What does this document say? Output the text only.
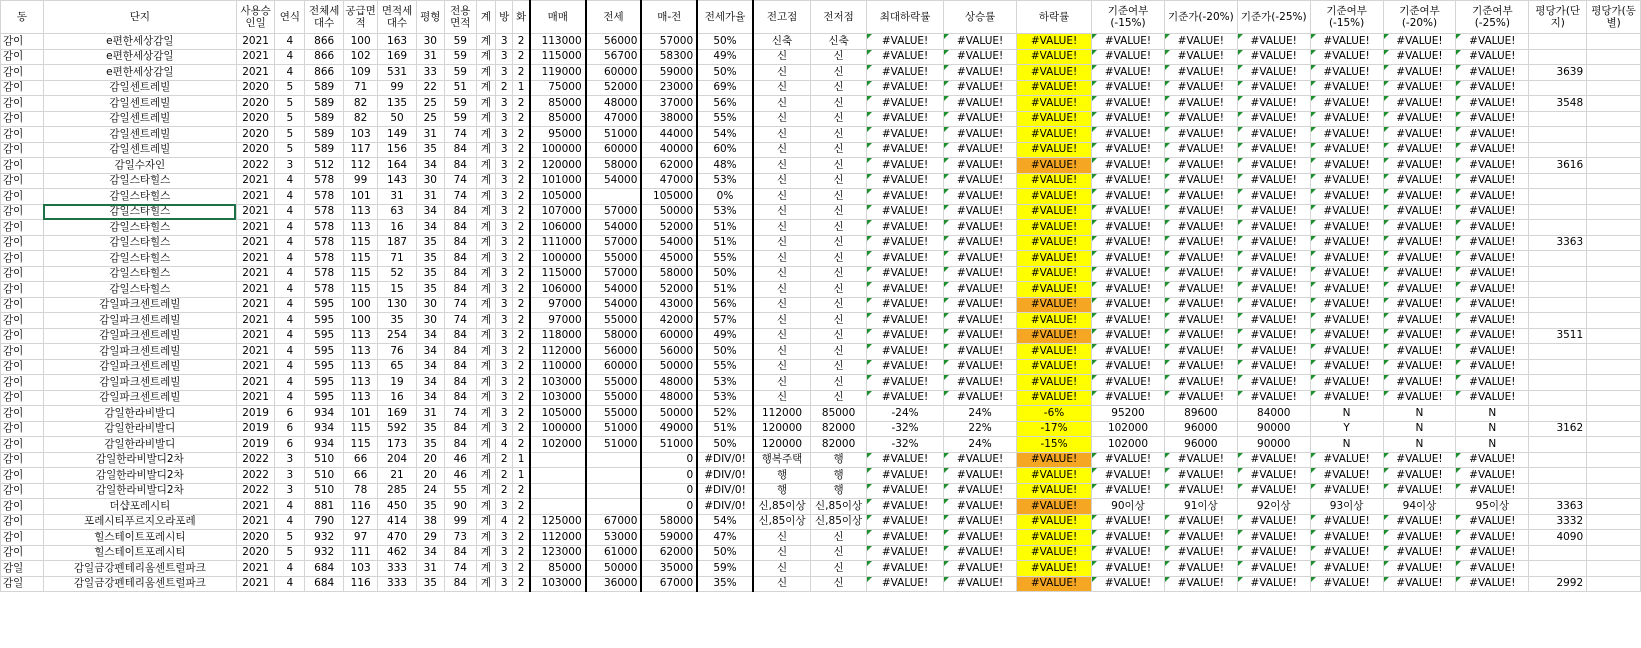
동	단지	사용승인일	연식	전체세대수	공급면적	면적세대수	평형	전용면적	계	방	화	매매	전세	매-전	전세가율	전고점	전저점	최대하락률	상승률	하락률	기준여부(-15%)	기준가(-20%)	기준가(-25%)	기준여부(-15%)	기준여부(-20%)	기준여부(-25%)	평당가(단지)	평당가(동별)
감이	e편한세상감일	2021	4	866	100	163	30	59	계	3	2	113000	56000	57000	50%	신축	신축	#VALUE!	#VALUE!	#VALUE!	#VALUE!	#VALUE!	#VALUE!	#VALUE!	#VALUE!	#VALUE!		
감이	e편한세상감일	2021	4	866	102	169	31	59	계	3	2	115000	56700	58300	49%	신	신	#VALUE!	#VALUE!	#VALUE!	#VALUE!	#VALUE!	#VALUE!	#VALUE!	#VALUE!	#VALUE!		
감이	e편한세상감일	2021	4	866	109	531	33	59	계	3	2	119000	60000	59000	50%	신	신	#VALUE!	#VALUE!	#VALUE!	#VALUE!	#VALUE!	#VALUE!	#VALUE!	#VALUE!	#VALUE!	3639	
감이	감일센트레빌	2020	5	589	71	99	22	51	계	2	1	75000	52000	23000	69%	신	신	#VALUE!	#VALUE!	#VALUE!	#VALUE!	#VALUE!	#VALUE!	#VALUE!	#VALUE!	#VALUE!		
감이	감일센트레빌	2020	5	589	82	135	25	59	계	3	2	85000	48000	37000	56%	신	신	#VALUE!	#VALUE!	#VALUE!	#VALUE!	#VALUE!	#VALUE!	#VALUE!	#VALUE!	#VALUE!	3548	
감이	감일센트레빌	2020	5	589	82	50	25	59	계	3	2	85000	47000	38000	55%	신	신	#VALUE!	#VALUE!	#VALUE!	#VALUE!	#VALUE!	#VALUE!	#VALUE!	#VALUE!	#VALUE!		
감이	감일센트레빌	2020	5	589	103	149	31	74	계	3	2	95000	51000	44000	54%	신	신	#VALUE!	#VALUE!	#VALUE!	#VALUE!	#VALUE!	#VALUE!	#VALUE!	#VALUE!	#VALUE!		
감이	감일센트레빌	2020	5	589	117	156	35	84	계	3	2	100000	60000	40000	60%	신	신	#VALUE!	#VALUE!	#VALUE!	#VALUE!	#VALUE!	#VALUE!	#VALUE!	#VALUE!	#VALUE!		
감이	감일수자인	2022	3	512	112	164	34	84	계	3	2	120000	58000	62000	48%	신	신	#VALUE!	#VALUE!	#VALUE!	#VALUE!	#VALUE!	#VALUE!	#VALUE!	#VALUE!	#VALUE!	3616	
감이	감일스타힐스	2021	4	578	99	143	30	74	계	3	2	101000	54000	47000	53%	신	신	#VALUE!	#VALUE!	#VALUE!	#VALUE!	#VALUE!	#VALUE!	#VALUE!	#VALUE!	#VALUE!		
감이	감일스타힐스	2021	4	578	101	31	31	74	계	3	2	105000		105000	0%	신	신	#VALUE!	#VALUE!	#VALUE!	#VALUE!	#VALUE!	#VALUE!	#VALUE!	#VALUE!	#VALUE!		
감이	감일스타힐스	2021	4	578	113	63	34	84	계	3	2	107000	57000	50000	53%	신	신	#VALUE!	#VALUE!	#VALUE!	#VALUE!	#VALUE!	#VALUE!	#VALUE!	#VALUE!	#VALUE!		
감이	감일스타힐스	2021	4	578	113	16	34	84	계	3	2	106000	54000	52000	51%	신	신	#VALUE!	#VALUE!	#VALUE!	#VALUE!	#VALUE!	#VALUE!	#VALUE!	#VALUE!	#VALUE!		
감이	감일스타힐스	2021	4	578	115	187	35	84	계	3	2	111000	57000	54000	51%	신	신	#VALUE!	#VALUE!	#VALUE!	#VALUE!	#VALUE!	#VALUE!	#VALUE!	#VALUE!	#VALUE!	3363	
감이	감일스타힐스	2021	4	578	115	71	35	84	계	3	2	100000	55000	45000	55%	신	신	#VALUE!	#VALUE!	#VALUE!	#VALUE!	#VALUE!	#VALUE!	#VALUE!	#VALUE!	#VALUE!		
감이	감일스타힐스	2021	4	578	115	52	35	84	계	3	2	115000	57000	58000	50%	신	신	#VALUE!	#VALUE!	#VALUE!	#VALUE!	#VALUE!	#VALUE!	#VALUE!	#VALUE!	#VALUE!		
감이	감일스타힐스	2021	4	578	115	15	35	84	계	3	2	106000	54000	52000	51%	신	신	#VALUE!	#VALUE!	#VALUE!	#VALUE!	#VALUE!	#VALUE!	#VALUE!	#VALUE!	#VALUE!		
감이	감일파크센트레빌	2021	4	595	100	130	30	74	계	3	2	97000	54000	43000	56%	신	신	#VALUE!	#VALUE!	#VALUE!	#VALUE!	#VALUE!	#VALUE!	#VALUE!	#VALUE!	#VALUE!		
감이	감일파크센트레빌	2021	4	595	100	35	30	74	계	3	2	97000	55000	42000	57%	신	신	#VALUE!	#VALUE!	#VALUE!	#VALUE!	#VALUE!	#VALUE!	#VALUE!	#VALUE!	#VALUE!		
감이	감일파크센트레빌	2021	4	595	113	254	34	84	계	3	2	118000	58000	60000	49%	신	신	#VALUE!	#VALUE!	#VALUE!	#VALUE!	#VALUE!	#VALUE!	#VALUE!	#VALUE!	#VALUE!	3511	
감이	감일파크센트레빌	2021	4	595	113	76	34	84	계	3	2	112000	56000	56000	50%	신	신	#VALUE!	#VALUE!	#VALUE!	#VALUE!	#VALUE!	#VALUE!	#VALUE!	#VALUE!	#VALUE!		
감이	감일파크센트레빌	2021	4	595	113	65	34	84	계	3	2	110000	60000	50000	55%	신	신	#VALUE!	#VALUE!	#VALUE!	#VALUE!	#VALUE!	#VALUE!	#VALUE!	#VALUE!	#VALUE!		
감이	감일파크센트레빌	2021	4	595	113	19	34	84	계	3	2	103000	55000	48000	53%	신	신	#VALUE!	#VALUE!	#VALUE!	#VALUE!	#VALUE!	#VALUE!	#VALUE!	#VALUE!	#VALUE!		
감이	감일파크센트레빌	2021	4	595	113	16	34	84	계	3	2	103000	55000	48000	53%	신	신	#VALUE!	#VALUE!	#VALUE!	#VALUE!	#VALUE!	#VALUE!	#VALUE!	#VALUE!	#VALUE!		
감이	감일한라비발디	2019	6	934	101	169	31	74	계	3	2	105000	55000	50000	52%	112000	85000	-24%	24%	-6%	95200	89600	84000	N	N	N		
감이	감일한라비발디	2019	6	934	115	592	35	84	계	3	2	100000	51000	49000	51%	120000	82000	-32%	22%	-17%	102000	96000	90000	Y	N	N	3162	
감이	감일한라비발디	2019	6	934	115	173	35	84	계	4	2	102000	51000	51000	50%	120000	82000	-32%	24%	-15%	102000	96000	90000	N	N	N		
감이	감일한라비발디2차	2022	3	510	66	204	20	46	계	2	1			0	#DIV/0!	행복주택	행	#VALUE!	#VALUE!	#VALUE!	#VALUE!	#VALUE!	#VALUE!	#VALUE!	#VALUE!	#VALUE!		
감이	감일한라비발디2차	2022	3	510	66	21	20	46	계	2	1			0	#DIV/0!	행	행	#VALUE!	#VALUE!	#VALUE!	#VALUE!	#VALUE!	#VALUE!	#VALUE!	#VALUE!	#VALUE!		
감이	감일한라비발디2차	2022	3	510	78	285	24	55	계	2	2			0	#DIV/0!	행	행	#VALUE!	#VALUE!	#VALUE!	#VALUE!	#VALUE!	#VALUE!	#VALUE!	#VALUE!	#VALUE!		
감이	더샵포레시티	2021	4	881	116	450	35	90	계	3	2			0	#DIV/0!	신,85이상	신,85이상	#VALUE!	#VALUE!	#VALUE!	90이상	91이상	92이상	93이상	94이상	95이상	3363	
감이	포레시티푸르지오라포레	2021	4	790	127	414	38	99	계	4	2	125000	67000	58000	54%	신,85이상	신,85이상	#VALUE!	#VALUE!	#VALUE!	#VALUE!	#VALUE!	#VALUE!	#VALUE!	#VALUE!	#VALUE!	3332	
감이	힐스테이트포레시티	2020	5	932	97	470	29	73	계	3	2	112000	53000	59000	47%	신	신	#VALUE!	#VALUE!	#VALUE!	#VALUE!	#VALUE!	#VALUE!	#VALUE!	#VALUE!	#VALUE!	4090	
감이	힐스테이트포레시티	2020	5	932	111	462	34	84	계	3	2	123000	61000	62000	50%	신	신	#VALUE!	#VALUE!	#VALUE!	#VALUE!	#VALUE!	#VALUE!	#VALUE!	#VALUE!	#VALUE!		
감일	감일금강펜테리움센트럴파크	2021	4	684	103	333	31	74	계	3	2	85000	50000	35000	59%	신	신	#VALUE!	#VALUE!	#VALUE!	#VALUE!	#VALUE!	#VALUE!	#VALUE!	#VALUE!	#VALUE!		
감일	감일금강펜테리움센트럴파크	2021	4	684	116	333	35	84	계	3	2	103000	36000	67000	35%	신	신	#VALUE!	#VALUE!	#VALUE!	#VALUE!	#VALUE!	#VALUE!	#VALUE!	#VALUE!	#VALUE!	2992	
